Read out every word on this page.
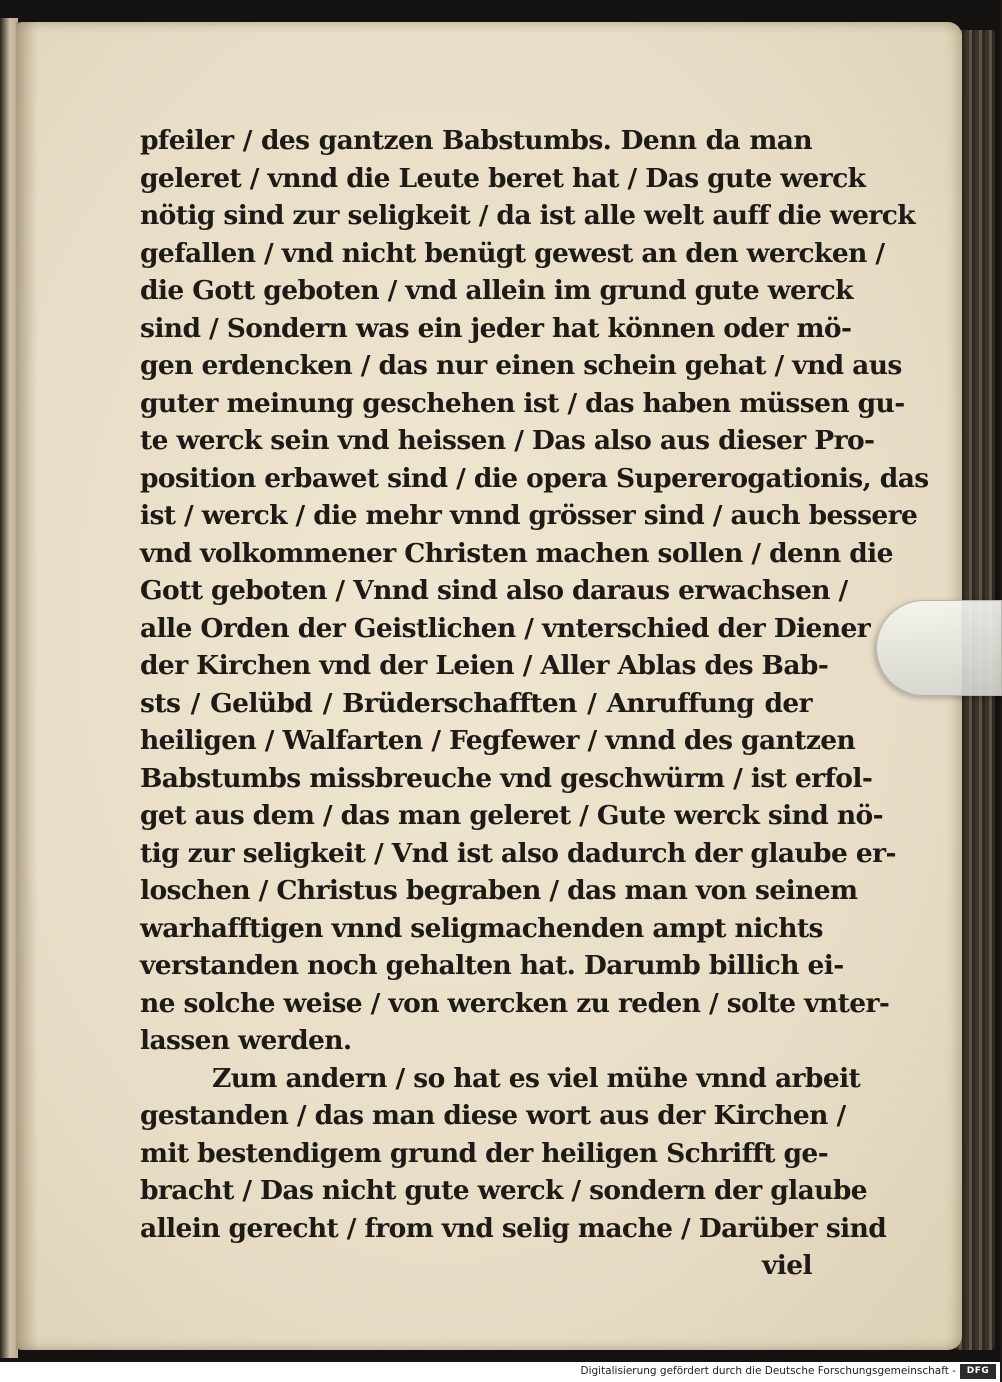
pfeiler / des gantzen Babstumbs. Denn da man
geleret / vnnd die Leute beret hat / Das gute werck
nötig sind zur seligkeit / da ist alle welt auff die werck
gefallen / vnd nicht benügt gewest an den wercken /
die Gott geboten / vnd allein im grund gute werck
sind / Sondern was ein jeder hat können oder mö-
gen erdencken / das nur einen schein gehat / vnd aus
guter meinung geschehen ist / das haben müssen gu-
te werck sein vnd heissen / Das also aus dieser Pro-
position erbawet sind / die opera Supererogationis, das
ist / werck / die mehr vnnd grösser sind / auch bessere
vnd volkommener Christen machen sollen / denn die
Gott geboten / Vnnd sind also daraus erwachsen /
alle Orden der Geistlichen / vnterschied der Diener
der Kirchen vnd der Leien / Aller Ablas des Bab-
sts / Gelübd / Brüderschafften / Anruffung der
heiligen / Walfarten / Fegfewer / vnnd des gantzen
Babstumbs missbreuche vnd geschwürm / ist erfol-
get aus dem / das man geleret / Gute werck sind nö-
tig zur seligkeit / Vnd ist also dadurch der glaube er-
loschen / Christus begraben / das man von seinem
warhafftigen vnnd seligmachenden ampt nichts
verstanden noch gehalten hat. Darumb billich ei-
ne solche weise / von wercken zu reden / solte vnter-
lassen werden.
Zum andern / so hat es viel mühe vnnd arbeit
gestanden / das man diese wort aus der Kirchen /
mit bestendigem grund der heiligen Schrifft ge-
bracht / Das nicht gute werck / sondern der glaube
allein gerecht / from vnd selig mache / Darüber sind
viel
Digitalisierung gefördert durch die Deutsche Forschungsgemeinschaft -	DFG
